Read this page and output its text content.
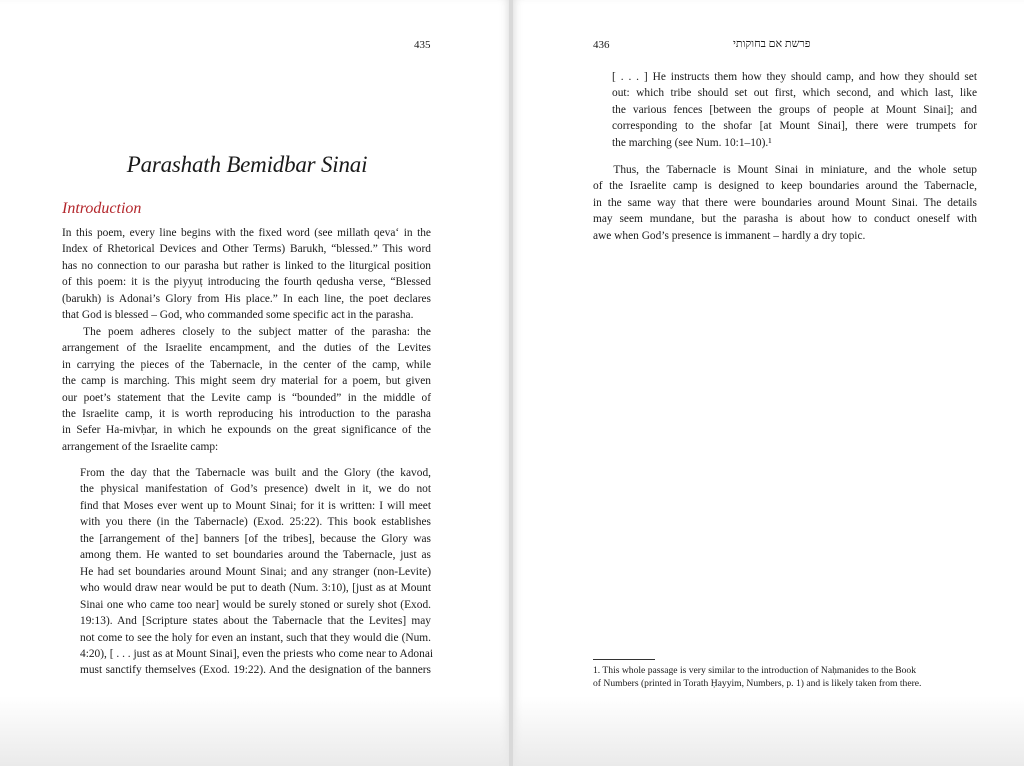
435
Parashath Bemidbar Sinai
Introduction
In this poem, every line begins with the fixed word (see millath qeva‘ in the
Index of Rhetorical Devices and Other Terms) Barukh, “blessed.” This word
has no connection to our parasha but rather is linked to the liturgical position
of this poem: it is the piyyuṭ introducing the fourth qedusha verse, “Blessed
(barukh) is Adonai’s Glory from His place.” In each line, the poet declares
that God is blessed – God, who commanded some specific act in the parasha.
The poem adheres closely to the subject matter of the parasha: the
arrangement of the Israelite encampment, and the duties of the Levites
in carrying the pieces of the Tabernacle, in the center of the camp, while
the camp is marching. This might seem dry material for a poem, but given
our poet’s statement that the Levite camp is “bounded” in the middle of
the Israelite camp, it is worth reproducing his introduction to the parasha
in Sefer Ha-mivḥar, in which he expounds on the great significance of the
arrangement of the Israelite camp:
From the day that the Tabernacle was built and the Glory (the kavod,
the physical manifestation of God’s presence) dwelt in it, we do not
find that Moses ever went up to Mount Sinai; for it is written: I will meet
with you there (in the Tabernacle) (Exod. 25:22). This book establishes
the [arrangement of the] banners [of the tribes], because the Glory was
among them. He wanted to set boundaries around the Tabernacle, just as
He had set boundaries around Mount Sinai; and any stranger (non-Levite)
who would draw near would be put to death (Num. 3:10), [just as at Mount
Sinai one who came too near] would be surely stoned or surely shot (Exod.
19:13). And [Scripture states about the Tabernacle that the Levites] may
not come to see the holy for even an instant, such that they would die (Num.
4:20), [ . . . just as at Mount Sinai], even the priests who come near to Adonai
must sanctify themselves (Exod. 19:22). And the designation of the banners
436	פרשת אם בחוקותי
[ . . . ] He instructs them how they should camp, and how they should set
out: which tribe should set out first, which second, and which last, like
the various fences [between the groups of people at Mount Sinai]; and
corresponding to the shofar [at Mount Sinai], there were trumpets for
the marching (see Num. 10:1–10).¹
Thus, the Tabernacle is Mount Sinai in miniature, and the whole setup
of the Israelite camp is designed to keep boundaries around the Tabernacle,
in the same way that there were boundaries around Mount Sinai. The details
may seem mundane, but the parasha is about how to conduct oneself with
awe when God’s presence is immanent – hardly a dry topic.
1. This whole passage is very similar to the introduction of Naḥmanides to the Book
of Numbers (printed in Torath Ḥayyim, Numbers, p. 1) and is likely taken from there.
